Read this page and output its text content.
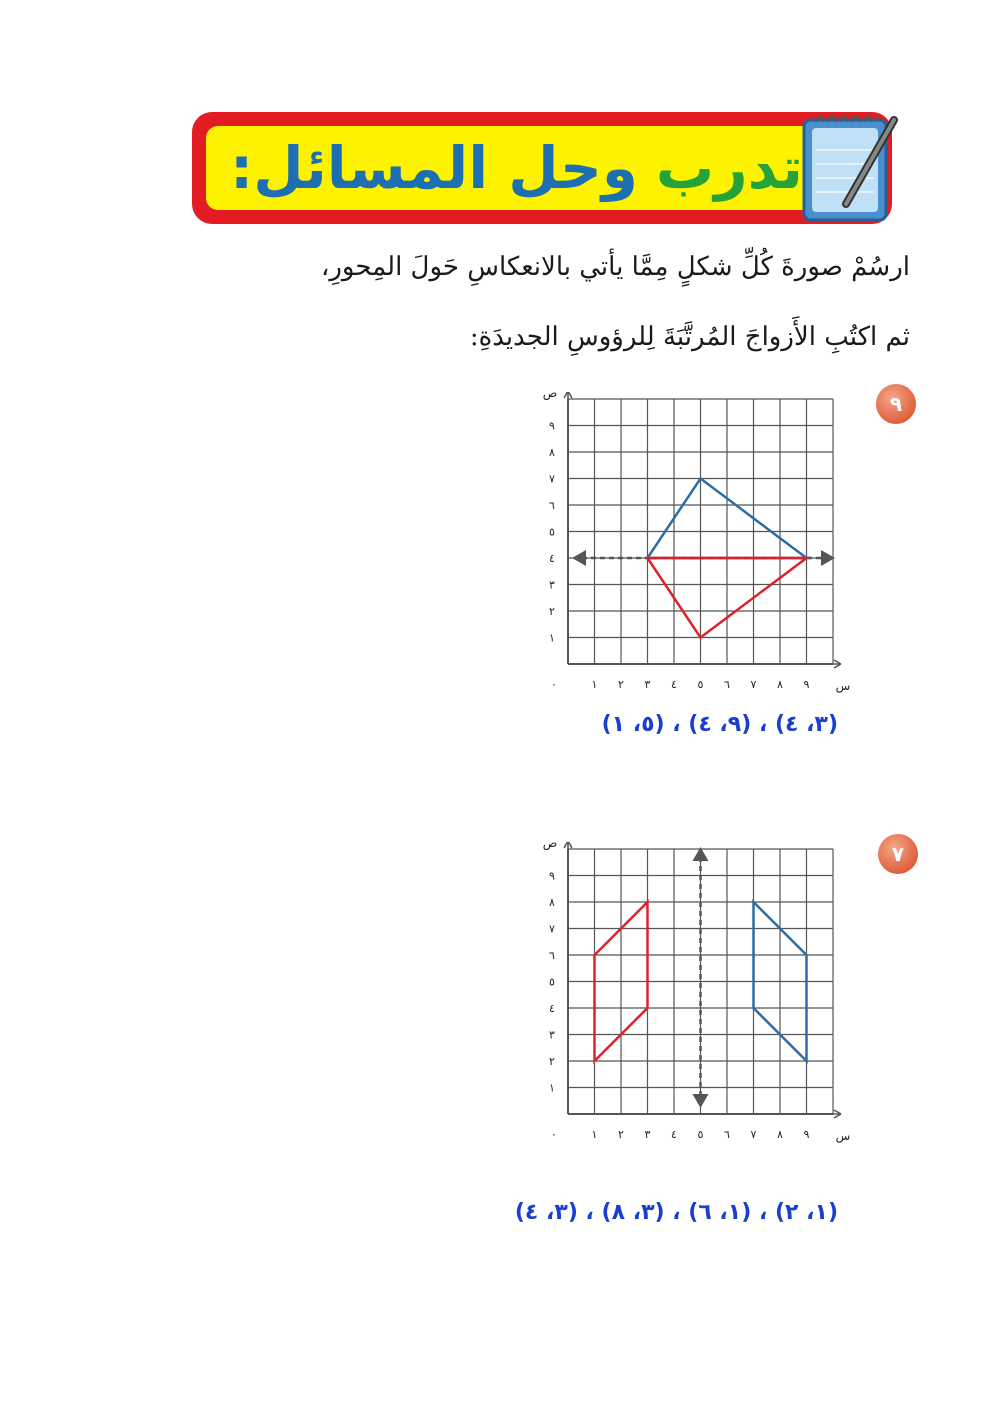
تدرب
وحل المسائل:
ارسُمْ صورةَ كُلِّ شكلٍ مِمَّا يأتي بالانعكاسِ حَولَ المِحورِ،
ثم اكتُبِ الأَزواجَ المُرتَّبَةَ لِلرؤوسِ الجديدَةِ:
٩
١ ٢ ٣ ٤ ٥ ٦ ٧ ٨ ٩
١
٢
٣
٤
٥
٦
٧
٨
٩
٠	س
ص
(٣، ٤) ، (٩، ٤) ، (٥، ١)
٧
١ ٢ ٣ ٤ ٥ ٦ ٧ ٨ ٩
١
٢
٣
٤
٥
٦
٧
٨
٩
٠	س
ص
(١، ٢) ، (١، ٦) ، (٣، ٨) ، (٣، ٤)
